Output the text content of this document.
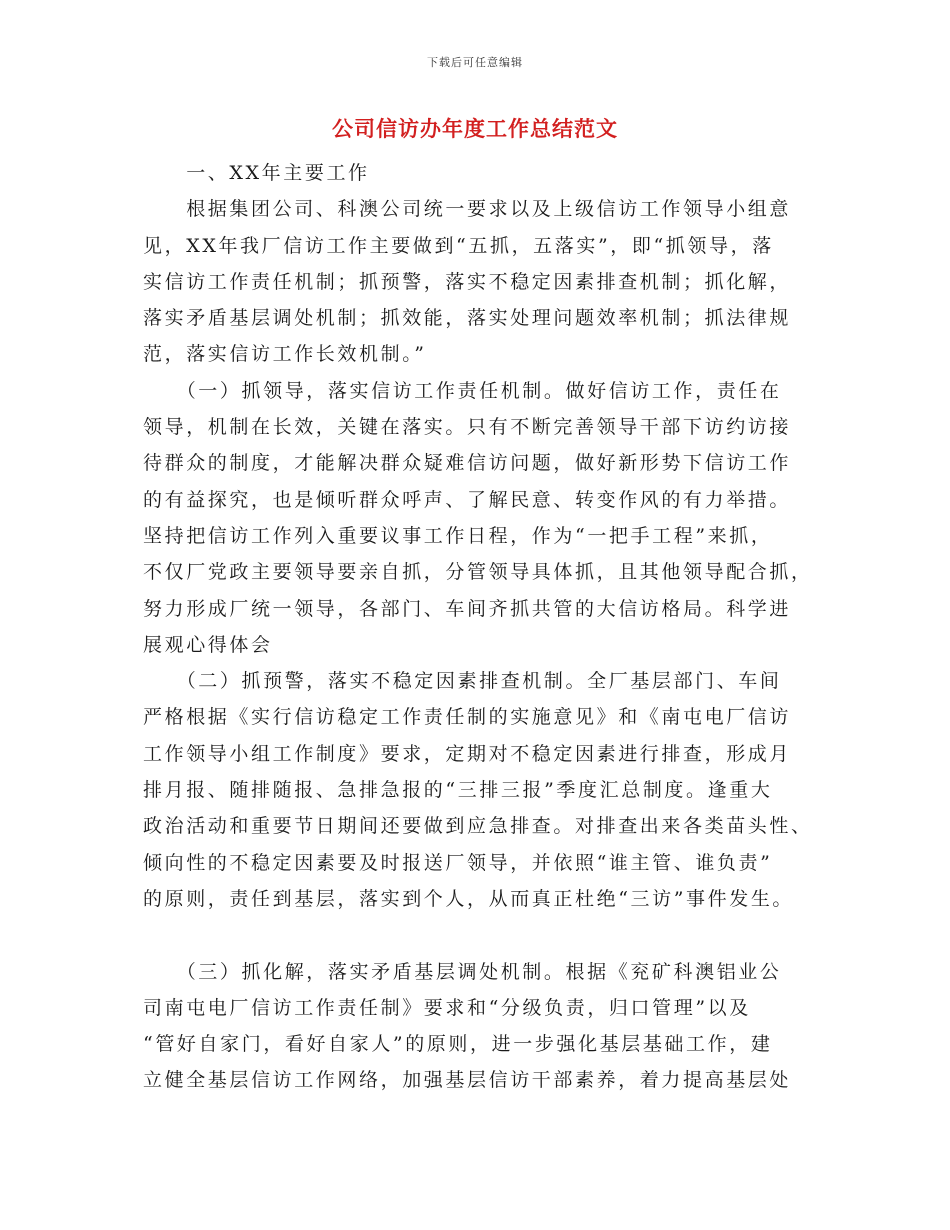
下载后可任意编辑
公司信访办年度工作总结范文
　　一、XX年主要工作
　　根据集团公司、科澳公司统一要求以及上级信访工作领导小组意
见，XX年我厂信访工作主要做到“五抓，五落实”，即“抓领导，落
实信访工作责任机制；抓预警，落实不稳定因素排查机制；抓化解，
落实矛盾基层调处机制；抓效能，落实处理问题效率机制；抓法律规
范，落实信访工作长效机制。”
　　（一）抓领导，落实信访工作责任机制。做好信访工作，责任在
领导，机制在长效，关键在落实。只有不断完善领导干部下访约访接
待群众的制度，才能解决群众疑难信访问题，做好新形势下信访工作
的有益探究，也是倾听群众呼声、了解民意、转变作风的有力举措。
坚持把信访工作列入重要议事工作日程，作为“一把手工程”来抓，
不仅厂党政主要领导要亲自抓，分管领导具体抓，且其他领导配合抓，
努力形成厂统一领导，各部门、车间齐抓共管的大信访格局。科学进
展观心得体会
　　（二）抓预警，落实不稳定因素排查机制。全厂基层部门、车间
严格根据《实行信访稳定工作责任制的实施意见》和《南屯电厂信访
工作领导小组工作制度》要求，定期对不稳定因素进行排查，形成月
排月报、随排随报、急排急报的“三排三报”季度汇总制度。逢重大
政治活动和重要节日期间还要做到应急排查。对排查出来各类苗头性、
倾向性的不稳定因素要及时报送厂领导，并依照“谁主管、谁负责”
的原则，责任到基层，落实到个人，从而真正杜绝“三访”事件发生。
　　（三）抓化解，落实矛盾基层调处机制。根据《兖矿科澳铝业公
司南屯电厂信访工作责任制》要求和“分级负责，归口管理”以及
“管好自家门，看好自家人”的原则，进一步强化基层基础工作，建
立健全基层信访工作网络，加强基层信访干部素养，着力提高基层处
